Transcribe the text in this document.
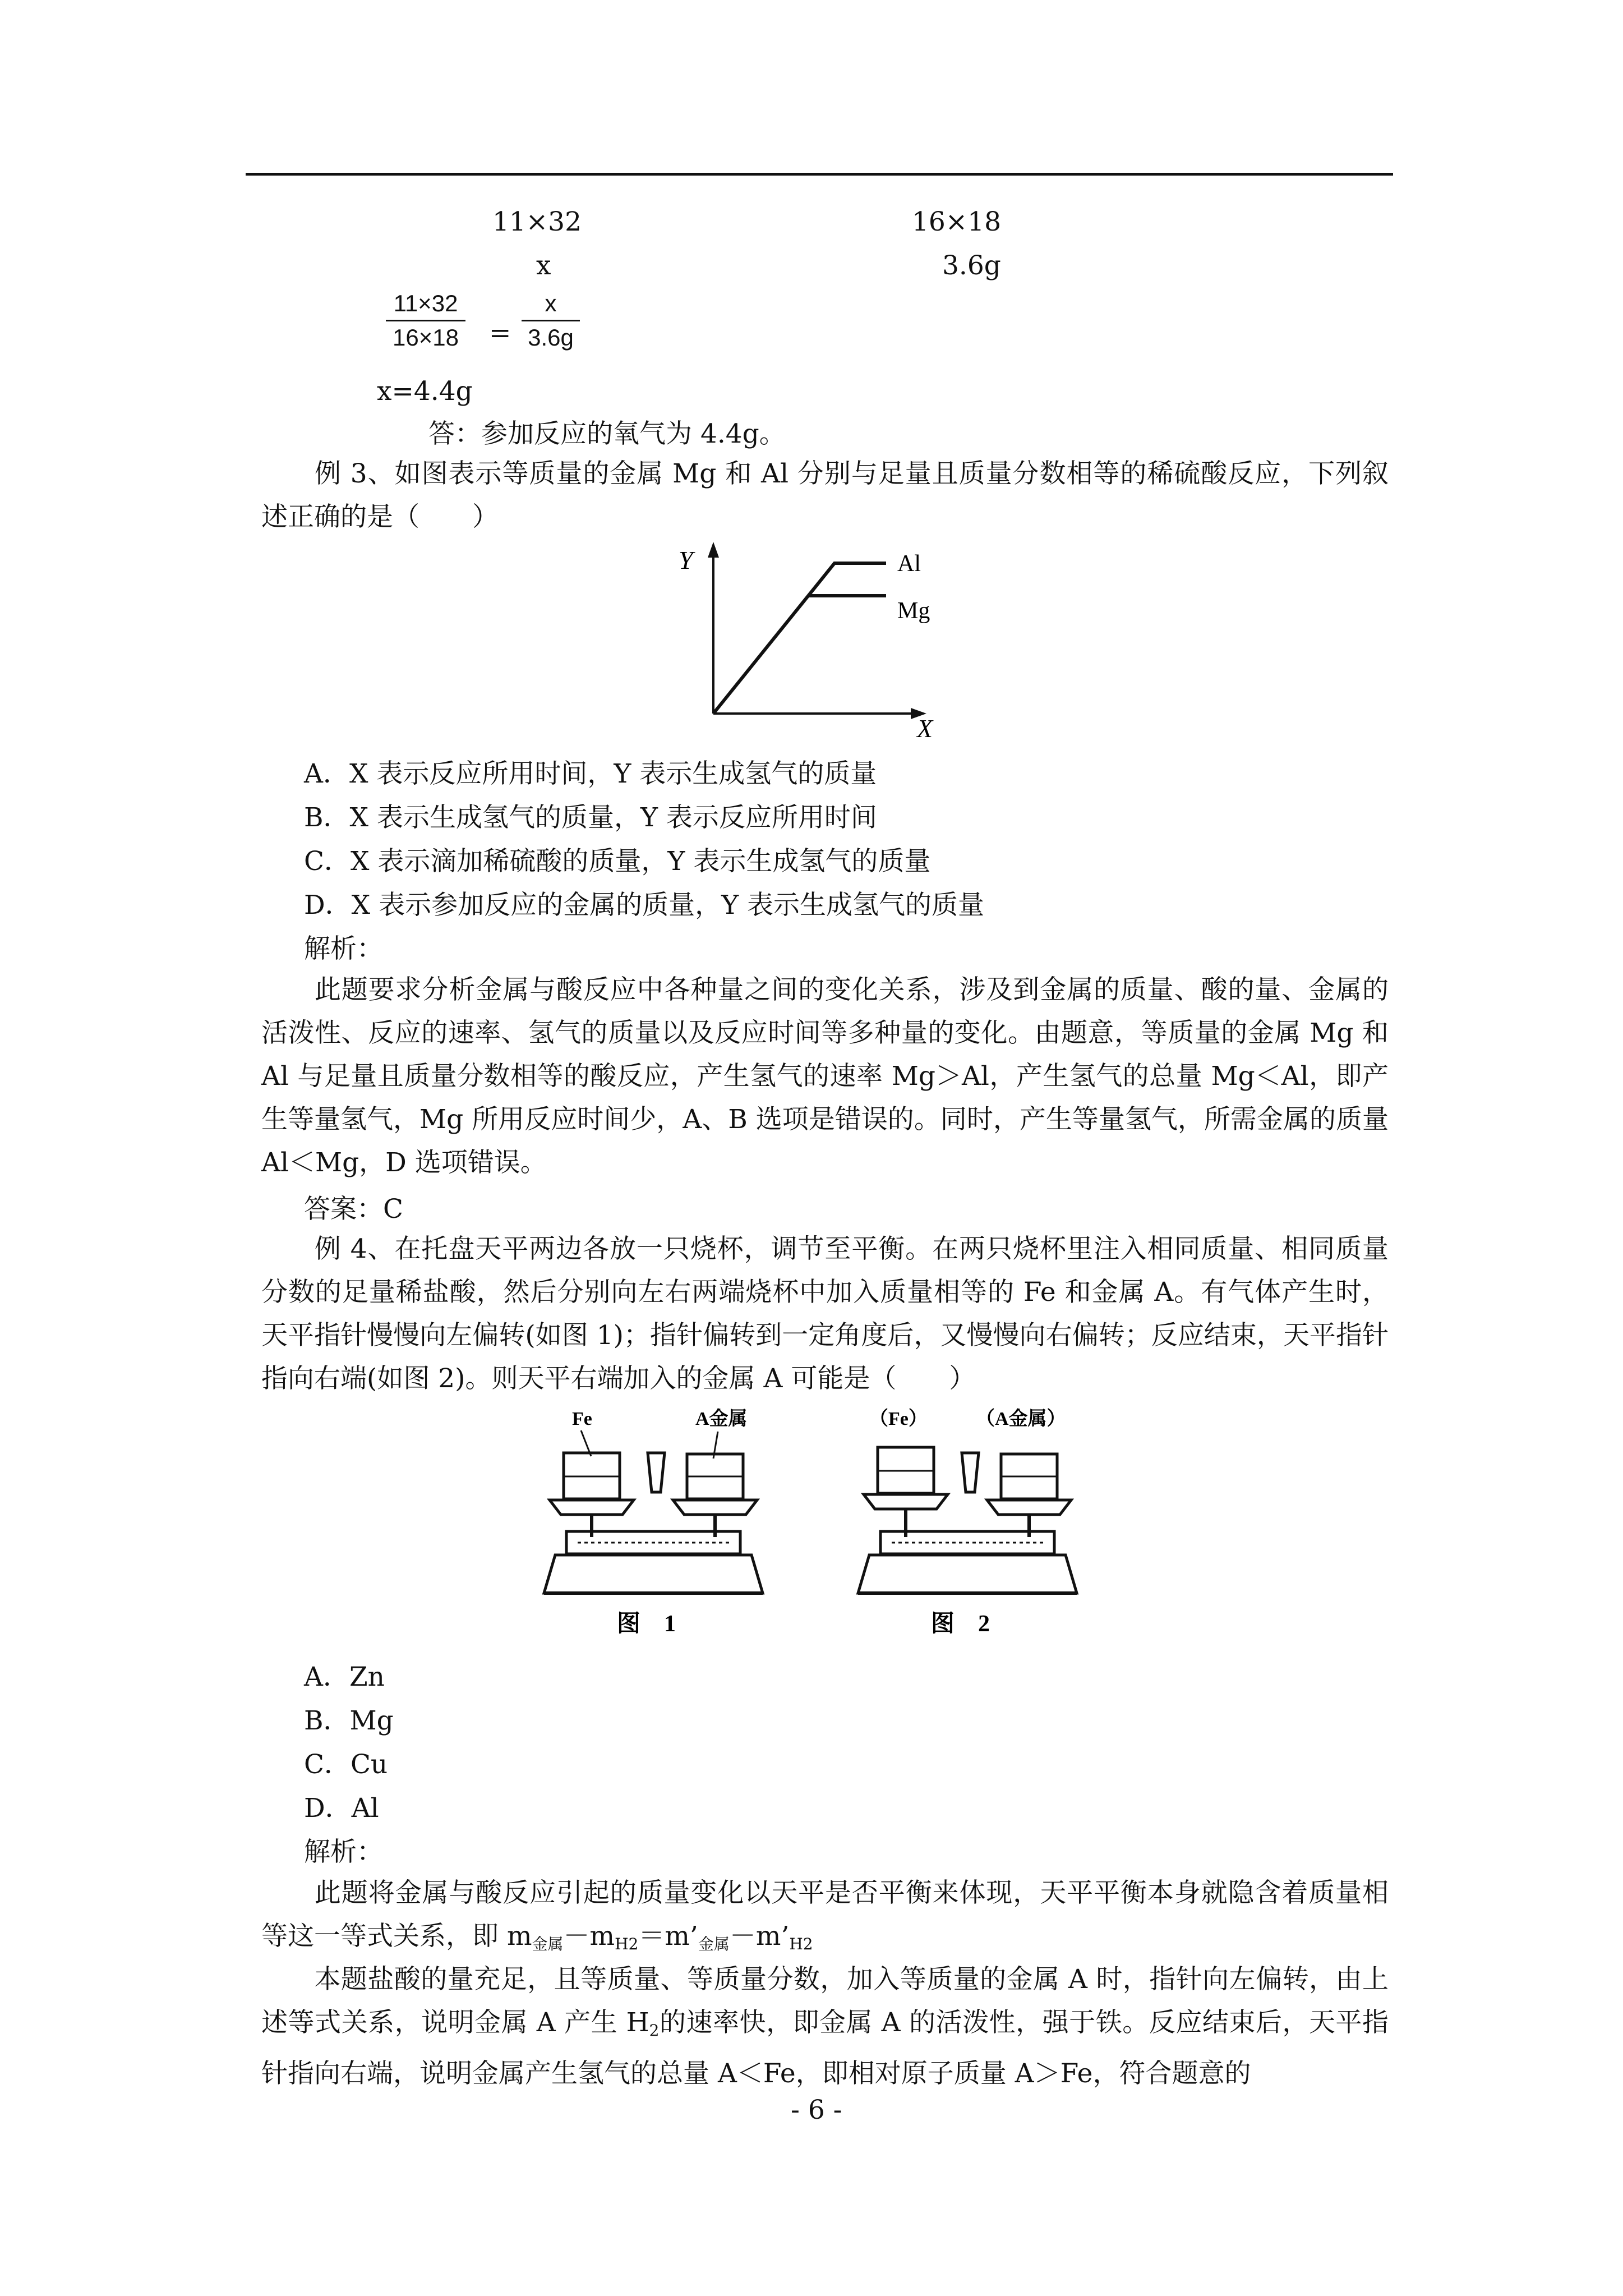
11×32	16×18
x	3.6g
11×32
16×18 =
x
3.6g
x=4.4g
答：参加反应的氧气为 4.4g。
例 3、如图表示等质量的金属 Mg 和 Al 分别与足量且质量分数相等的稀硫酸反应，下列叙述正确的是（　　）
Y
X
Al
Mg
A．X 表示反应所用时间，Y 表示生成氢气的质量
B．X 表示生成氢气的质量，Y 表示反应所用时间
C．X 表示滴加稀硫酸的质量，Y 表示生成氢气的质量
D．X 表示参加反应的金属的质量，Y 表示生成氢气的质量
解析：
此题要求分析金属与酸反应中各种量之间的变化关系，涉及到金属的质量、酸的量、金属的活泼性、反应的速率、氢气的质量以及反应时间等多种量的变化。由题意，等质量的金属 Mg 和 Al 与足量且质量分数相等的酸反应，产生氢气的速率 Mg＞Al，产生氢气的总量 Mg＜Al，即产生等量氢气，Mg 所用反应时间少，A、B 选项是错误的。同时，产生等量氢气，所需金属的质量 Al＜Mg，D 选项错误。
答案：C
例 4、在托盘天平两边各放一只烧杯，调节至平衡。在两只烧杯里注入相同质量、相同质量分数的足量稀盐酸，然后分别向左右两端烧杯中加入质量相等的 Fe 和金属 A。有气体产生时，天平指针慢慢向左偏转(如图 1)；指针偏转到一定角度后，又慢慢向右偏转；反应结束，天平指针指向右端(如图 2)。则天平右端加入的金属 A 可能是（　　）
Fe	A金属
图　1
（Fe）	（A金属）
图　2
A．Zn
B．Mg
C．Cu
D．Al
解析：
此题将金属与酸反应引起的质量变化以天平是否平衡来体现，天平平衡本身就隐含着质量相等这一等式关系，即 $m_{金属}-m_{H2}=m’_{金属}-m’_{H2}$
本题盐酸的量充足，且等质量、等质量分数，加入等质量的金属 A 时，指针向左偏转，由上述等式关系，说明金属 A 产生 $H_2$的速率快，即金属 A 的活泼性，强于铁。反应结束后，天平指针指向右端，说明金属产生氢气的总量 A＜Fe，即相对原子质量 A＞Fe，符合题意的
- 6 -
